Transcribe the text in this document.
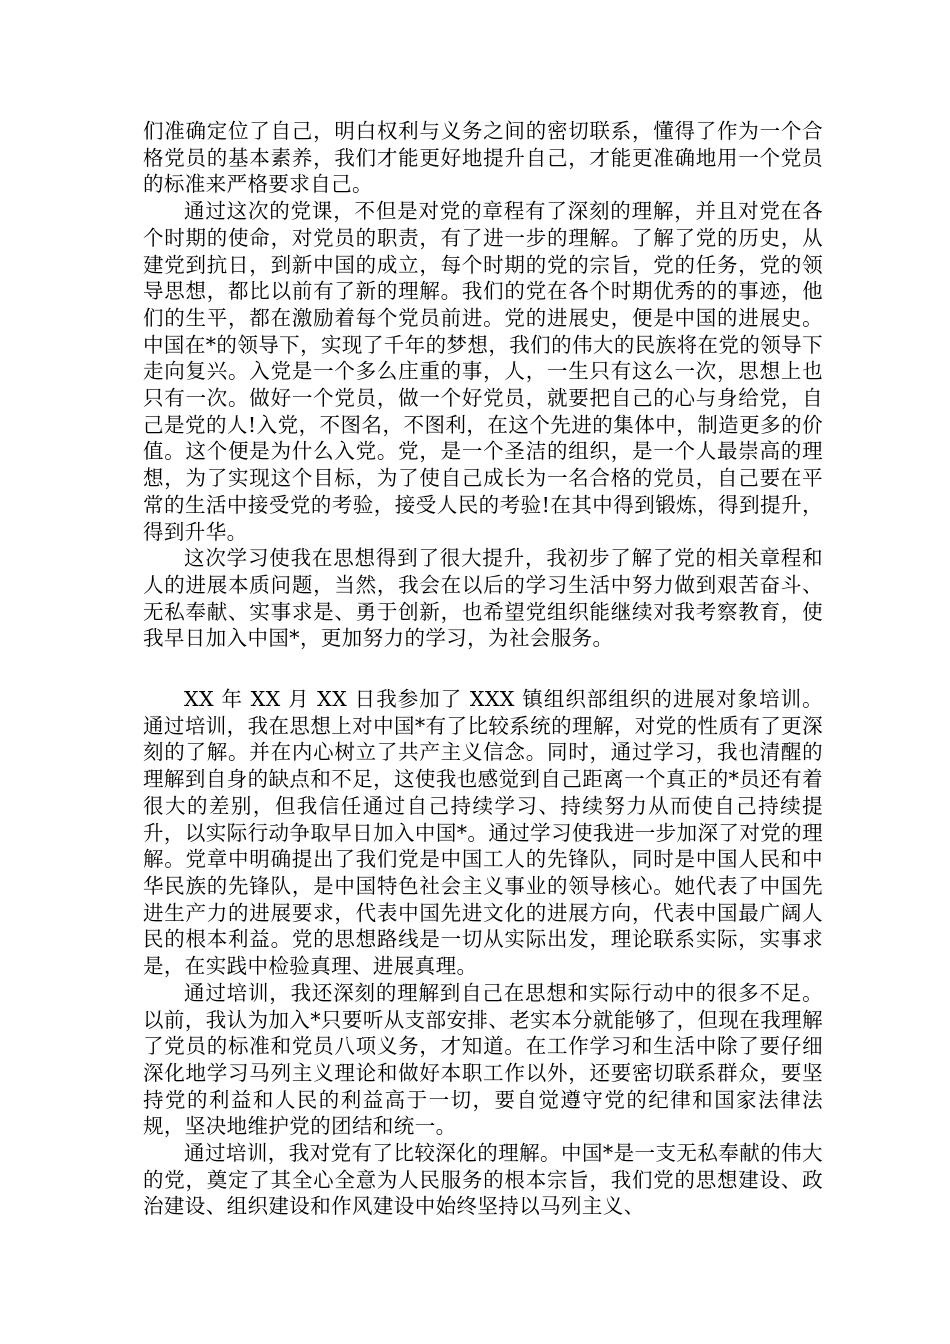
们准确定位了自己，明白权利与义务之间的密切联系，懂得了作为一个合格党员的基本素养，我们才能更好地提升自己，才能更准确地用一个党员的标准来严格要求自己。

通过这次的党课，不但是对党的章程有了深刻的理解，并且对党在各个时期的使命，对党员的职责，有了进一步的理解。了解了党的历史，从建党到抗日，到新中国的成立，每个时期的党的宗旨，党的任务，党的领导思想，都比以前有了新的理解。我们的党在各个时期优秀的的事迹，他们的生平，都在激励着每个党员前进。党的进展史，便是中国的进展史。中国在*的领导下，实现了千年的梦想，我们的伟大的民族将在党的领导下走向复兴。入党是一个多么庄重的事，人，一生只有这么一次，思想上也只有一次。做好一个党员，做一个好党员，就要把自己的心与身给党，自己是党的人!入党，不图名，不图利，在这个先进的集体中，制造更多的价值。这个便是为什么入党。党，是一个圣洁的组织，是一个人最崇高的理想，为了实现这个目标，为了使自己成长为一名合格的党员，自己要在平常的生活中接受党的考验，接受人民的考验!在其中得到锻炼，得到提升，得到升华。

这次学习使我在思想得到了很大提升，我初步了解了党的相关章程和人的进展本质问题，当然，我会在以后的学习生活中努力做到艰苦奋斗、无私奉献、实事求是、勇于创新，也希望党组织能继续对我考察教育，使我早日加入中国*，更加努力的学习，为社会服务。

XX 年 XX 月 XX 日我参加了 XXX 镇组织部组织的进展对象培训。通过培训，我在思想上对中国*有了比较系统的理解，对党的性质有了更深刻的了解。并在内心树立了共产主义信念。同时，通过学习，我也清醒的理解到自身的缺点和不足，这使我也感觉到自己距离一个真正的*员还有着很大的差别，但我信任通过自己持续学习、持续努力从而使自己持续提升，以实际行动争取早日加入中国*。通过学习使我进一步加深了对党的理解。党章中明确提出了我们党是中国工人的先锋队，同时是中国人民和中华民族的先锋队，是中国特色社会主义事业的领导核心。她代表了中国先进生产力的进展要求，代表中国先进文化的进展方向，代表中国最广阔人民的根本利益。党的思想路线是一切从实际出发，理论联系实际，实事求是，在实践中检验真理、进展真理。

通过培训，我还深刻的理解到自己在思想和实际行动中的很多不足。以前，我认为加入*只要听从支部安排、老实本分就能够了，但现在我理解了党员的标准和党员八项义务，才知道。在工作学习和生活中除了要仔细深化地学习马列主义理论和做好本职工作以外，还要密切联系群众，要坚持党的利益和人民的利益高于一切，要自觉遵守党的纪律和国家法律法规，坚决地维护党的团结和统一。

通过培训，我对党有了比较深化的理解。中国*是一支无私奉献的伟大的党，奠定了其全心全意为人民服务的根本宗旨，我们党的思想建设、政治建设、组织建设和作风建设中始终坚持以马列主义、
